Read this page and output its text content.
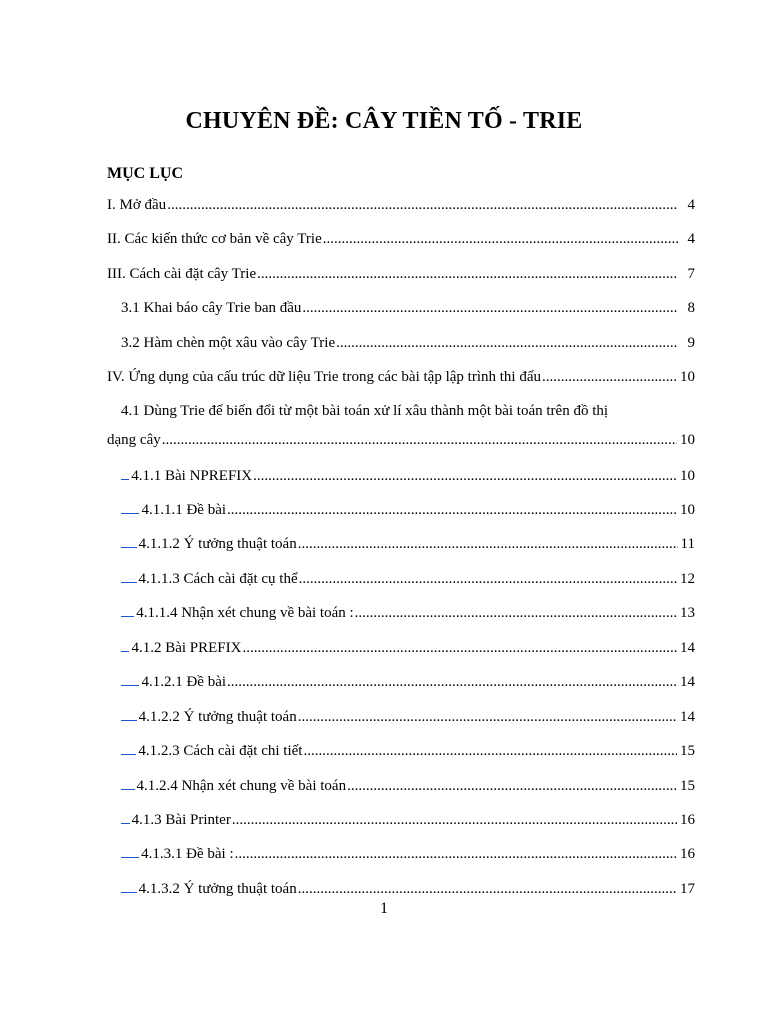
CHUYÊN ĐỀ: CÂY TIỀN TỐ - TRIE
MỤC LỤC
I. Mở đầu .....	4
II. Các kiến thức cơ bản về cây Trie .....	4
III. Cách cài đặt cây Trie .....	7
3.1 Khai báo cây Trie ban đầu .....	8
3.2 Hàm chèn một xâu vào cây Trie .....	9
IV. Ứng dụng của cấu trúc dữ liệu Trie trong các bài tập lập trình thi đấu .....	10
4.1 Dùng Trie để biến đổi từ một bài toán xử lí xâu thành một bài toán trên đồ thị
dạng cây .....	10
4.1.1 Bài NPREFIX .....	10
4.1.1.1 Đề bài .....	10
4.1.1.2 Ý tưởng thuật toán .....	11
4.1.1.3 Cách cài đặt cụ thể .....	12
4.1.1.4 Nhận xét chung về bài toán : .....	13
4.1.2 Bài PREFIX .....	14
4.1.2.1 Đề bài .....	14
4.1.2.2 Ý tưởng thuật toán .....	14
4.1.2.3 Cách cài đặt chi tiết .....	15
4.1.2.4 Nhận xét chung về bài toán .....	15
4.1.3 Bài Printer .....	16
4.1.3.1 Đề bài : .....	16
4.1.3.2 Ý tưởng thuật toán .....	17
1
